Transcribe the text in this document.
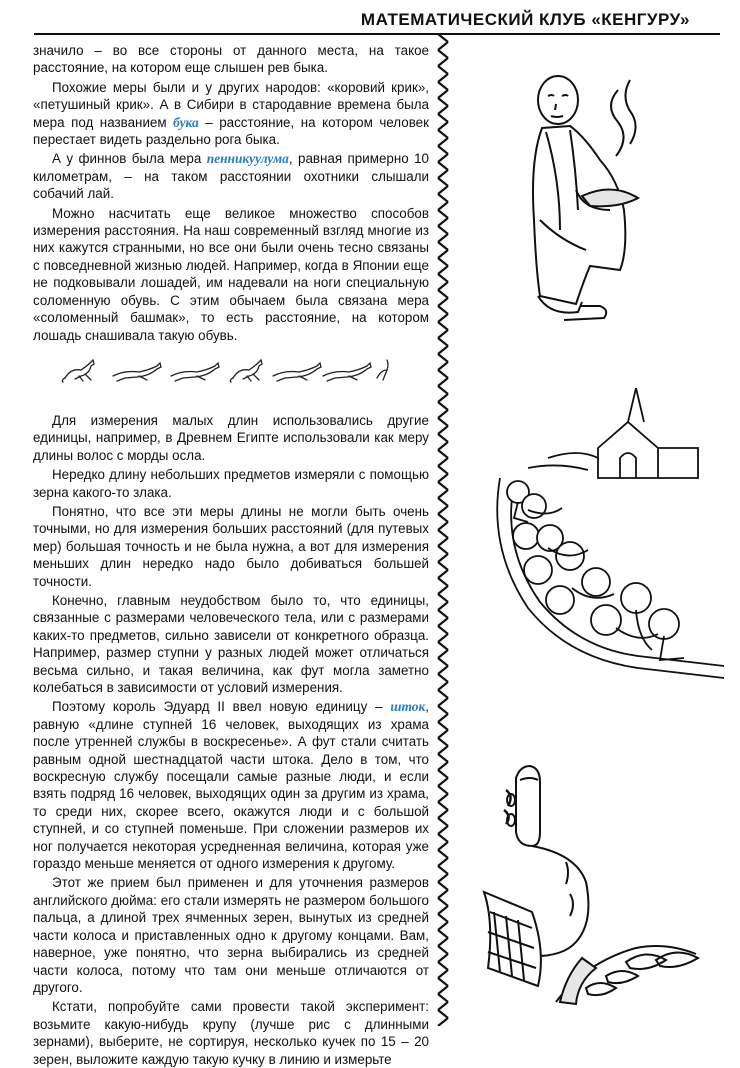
МАТЕМАТИЧЕСКИЙ КЛУБ «КЕНГУРУ»

значило – во все стороны от данного места, на такое расстояние, на котором еще слышен рев быка.

Похожие меры были и у других народов: «коровий крик», «петушиный крик». А в Сибири в стародавние времена была мера под названием бука – расстояние, на котором человек перестает видеть раздельно рога быка.

А у финнов была мера пенникуулума, равная примерно 10 километрам, – на таком расстоянии охотники слышали собачий лай.

Можно насчитать еще великое множество способов измерения расстояния. На наш современный взгляд многие из них кажутся странными, но все они были очень тесно связаны с повседневной жизнью людей. Например, когда в Японии еще не подковывали лошадей, им надевали на ноги специальную соломенную обувь. С этим обычаем была связана мера «соломенный башмак», то есть расстояние, на котором лошадь снашивала такую обувь.

Для измерения малых длин использовались другие единицы, например, в Древнем Египте использовали как меру длины волос с морды осла.

Нередко длину небольших предметов измеряли с помощью зерна какого-то злака.

Понятно, что все эти меры длины не могли быть очень точными, но для измерения больших расстояний (для путевых мер) большая точность и не была нужна, а вот для измерения меньших длин нередко надо было добиваться большей точности.

Конечно, главным неудобством было то, что единицы, связанные с размерами человеческого тела, или с размерами каких-то предметов, сильно зависели от конкретного образца. Например, размер ступни у разных людей может отличаться весьма сильно, и такая величина, как фут могла заметно колебаться в зависимости от условий измерения.

Поэтому король Эдуард II ввел новую единицу – шток, равную «длине ступней 16 человек, выходящих из храма после утренней службы в воскресенье». А фут стали считать равным одной шестнадцатой части штока. Дело в том, что воскресную службу посещали самые разные люди, и если взять подряд 16 человек, выходящих один за другим из храма, то среди них, скорее всего, окажутся люди и с большой ступней, и со ступней поменьше. При сложении размеров их ног получается некоторая усредненная величина, которая уже гораздо меньше меняется от одного измерения к другому.

Этот же прием был применен и для уточнения размеров английского дюйма: его стали измерять не размером большого пальца, а длиной трех ячменных зерен, вынутых из средней части колоса и приставленных одно к другому концами. Вам, наверное, уже понятно, что зерна выбирались из средней части колоса, потому что там они меньше отличаются от другого.

Кстати, попробуйте сами провести такой эксперимент: возьмите какую-нибудь крупу (лучше рис с длинными зернами), выберите, не сортируя, несколько кучек по 15 – 20 зерен, выложите каждую такую кучку в линию и измерьте
